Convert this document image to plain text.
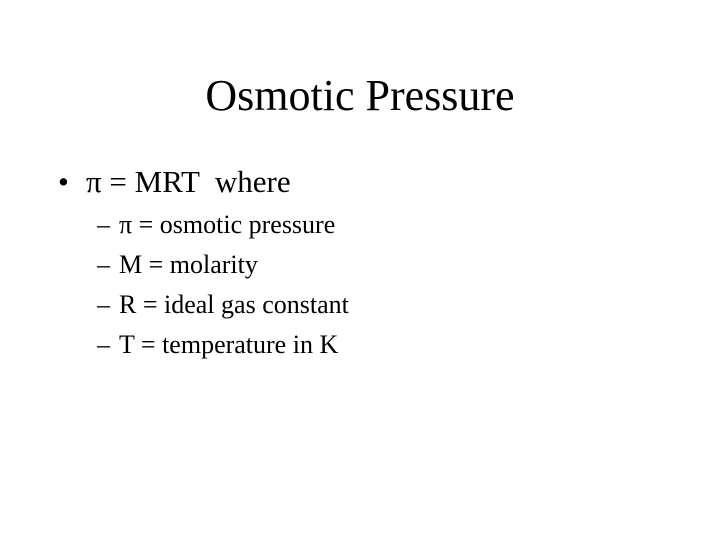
Osmotic Pressure
• π = MRT  where
– π = osmotic pressure
– M = molarity
– R = ideal gas constant
– T = temperature in K
